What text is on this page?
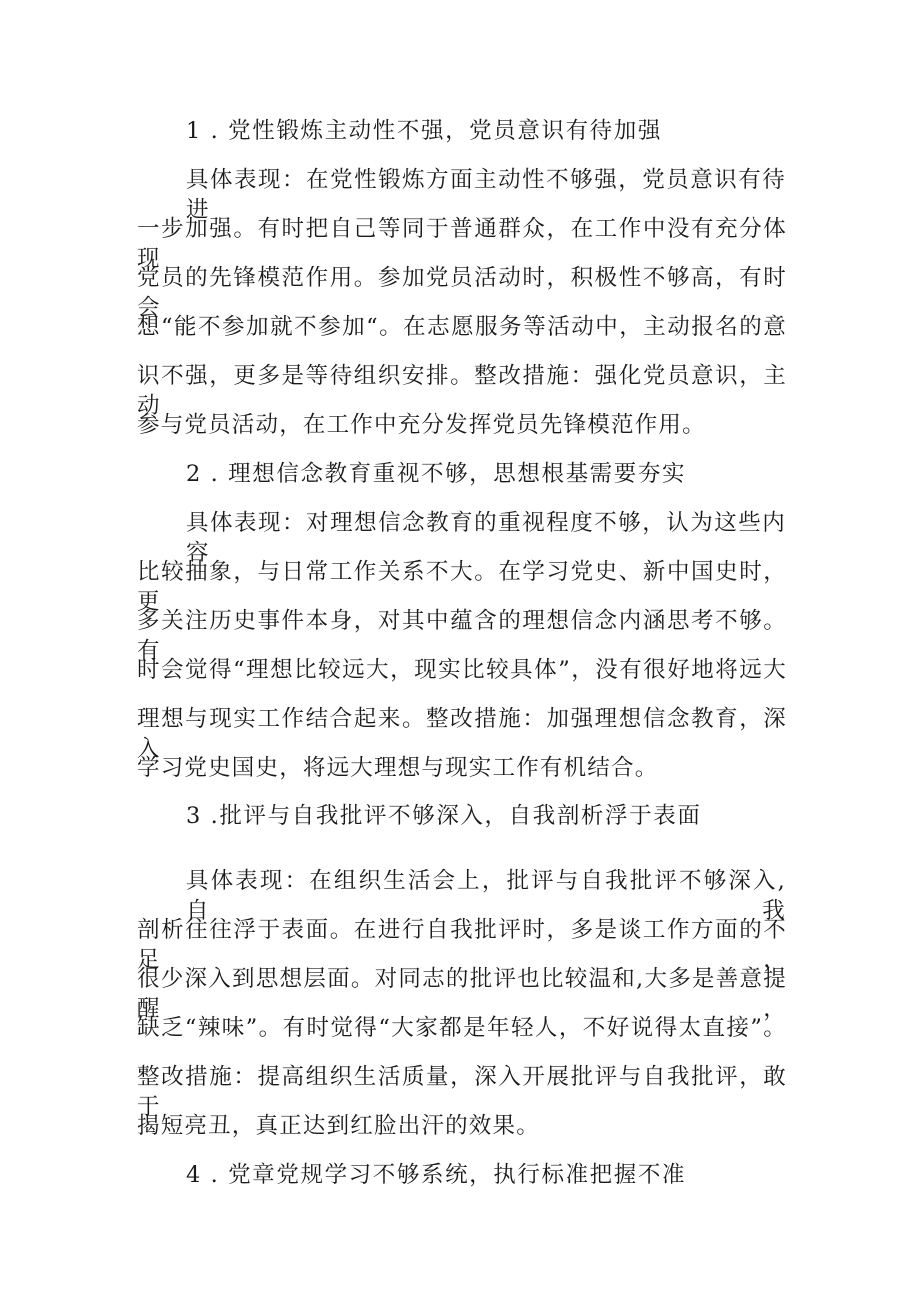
1 . 党性锻炼主动性不强，党员意识有待加强
具体表现：在党性锻炼方面主动性不够强，党员意识有待进
一步加强。有时把自己等同于普通群众，在工作中没有充分体现
党员的先锋模范作用。参加党员活动时，积极性不够高，有时会
想“能不参加就不参加“。在志愿服务等活动中，主动报名的意
识不强，更多是等待组织安排。整改措施：强化党员意识，主动
参与党员活动，在工作中充分发挥党员先锋模范作用。
2 . 理想信念教育重视不够，思想根基需要夯实
具体表现：对理想信念教育的重视程度不够，认为这些内容
比较抽象，与日常工作关系不大。在学习党史、新中国史时，更
多关注历史事件本身，对其中蕴含的理想信念内涵思考不够。有
时会觉得“理想比较远大，现实比较具体”，没有很好地将远大
理想与现实工作结合起来。整改措施：加强理想信念教育，深入
学习党史国史，将远大理想与现实工作有机结合。
3 .批评与自我批评不够深入，自我剖析浮于表面
具体表现：在组织生活会上，批评与自我批评不够深入,自我
剖析往往浮于表面。在进行自我批评时，多是谈工作方面的不足，
很少深入到思想层面。对同志的批评也比较温和,大多是善意提醒，
缺乏“辣味”。有时觉得“大家都是年轻人，不好说得太直接”。
整改措施：提高组织生活质量，深入开展批评与自我批评，敢于
揭短亮丑，真正达到红脸出汗的效果。
4 . 党章党规学习不够系统，执行标准把握不准
